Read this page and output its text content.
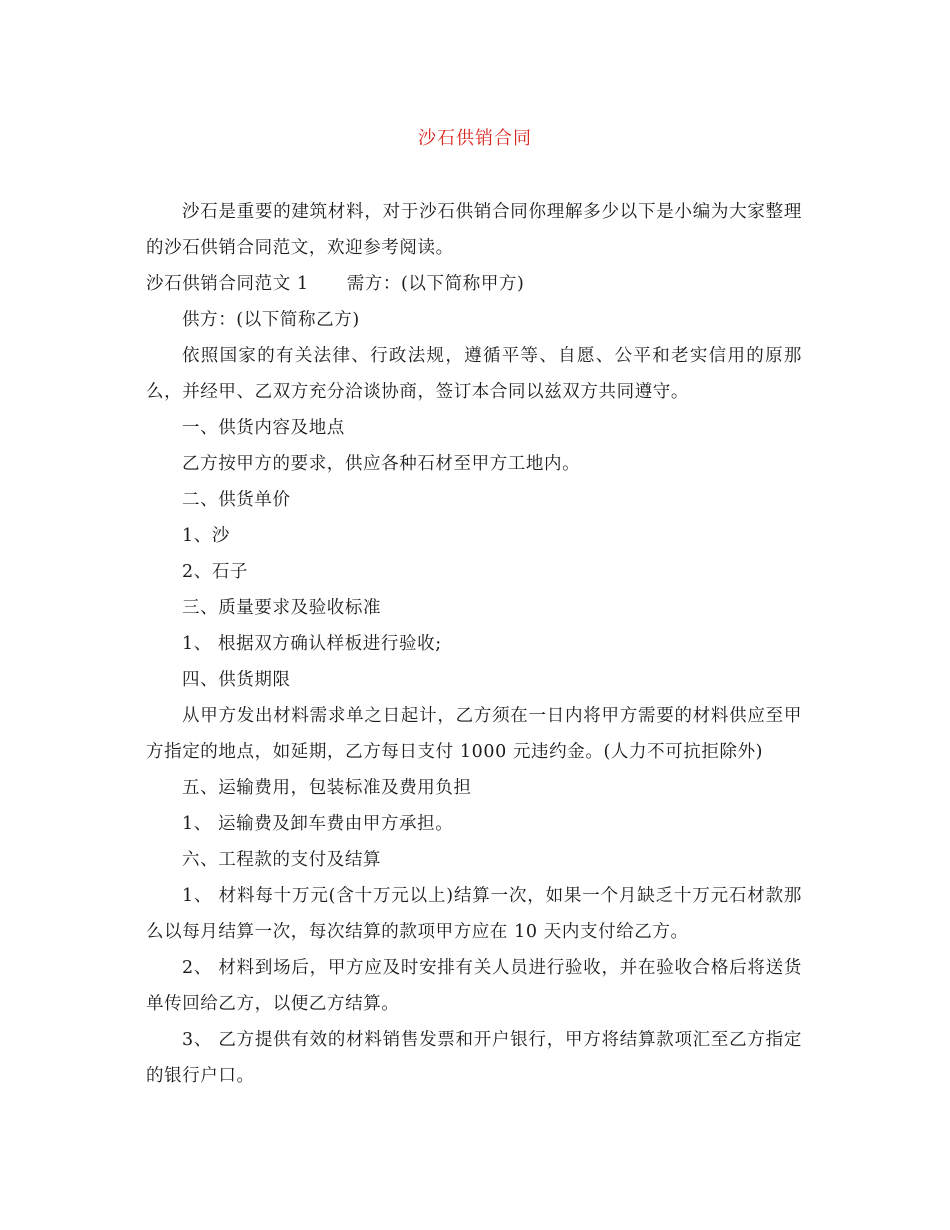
沙石供销合同

沙石是重要的建筑材料，对于沙石供销合同你理解多少以下是小编为大家整理的沙石供销合同范文，欢迎参考阅读。

沙石供销合同范文 1 需方：(以下简称甲方)

供方：(以下简称乙方)

依照国家的有关法律、行政法规，遵循平等、自愿、公平和老实信用的原那么，并经甲、乙双方充分洽谈协商，签订本合同以兹双方共同遵守。

一、供货内容及地点

乙方按甲方的要求，供应各种石材至甲方工地内。

二、供货单价

1、沙

2、石子

三、质量要求及验收标准

1、 根据双方确认样板进行验收;

四、供货期限

从甲方发出材料需求单之日起计，乙方须在一日内将甲方需要的材料供应至甲方指定的地点，如延期，乙方每日支付 1000 元违约金。(人力不可抗拒除外)

五、运输费用，包装标准及费用负担

1、 运输费及卸车费由甲方承担。

六、工程款的支付及结算

1、 材料每十万元(含十万元以上)结算一次，如果一个月缺乏十万元石材款那么以每月结算一次，每次结算的款项甲方应在 10 天内支付给乙方。

2、 材料到场后，甲方应及时安排有关人员进行验收，并在验收合格后将送货单传回给乙方，以便乙方结算。

3、 乙方提供有效的材料销售发票和开户银行，甲方将结算款项汇至乙方指定的银行户口。
